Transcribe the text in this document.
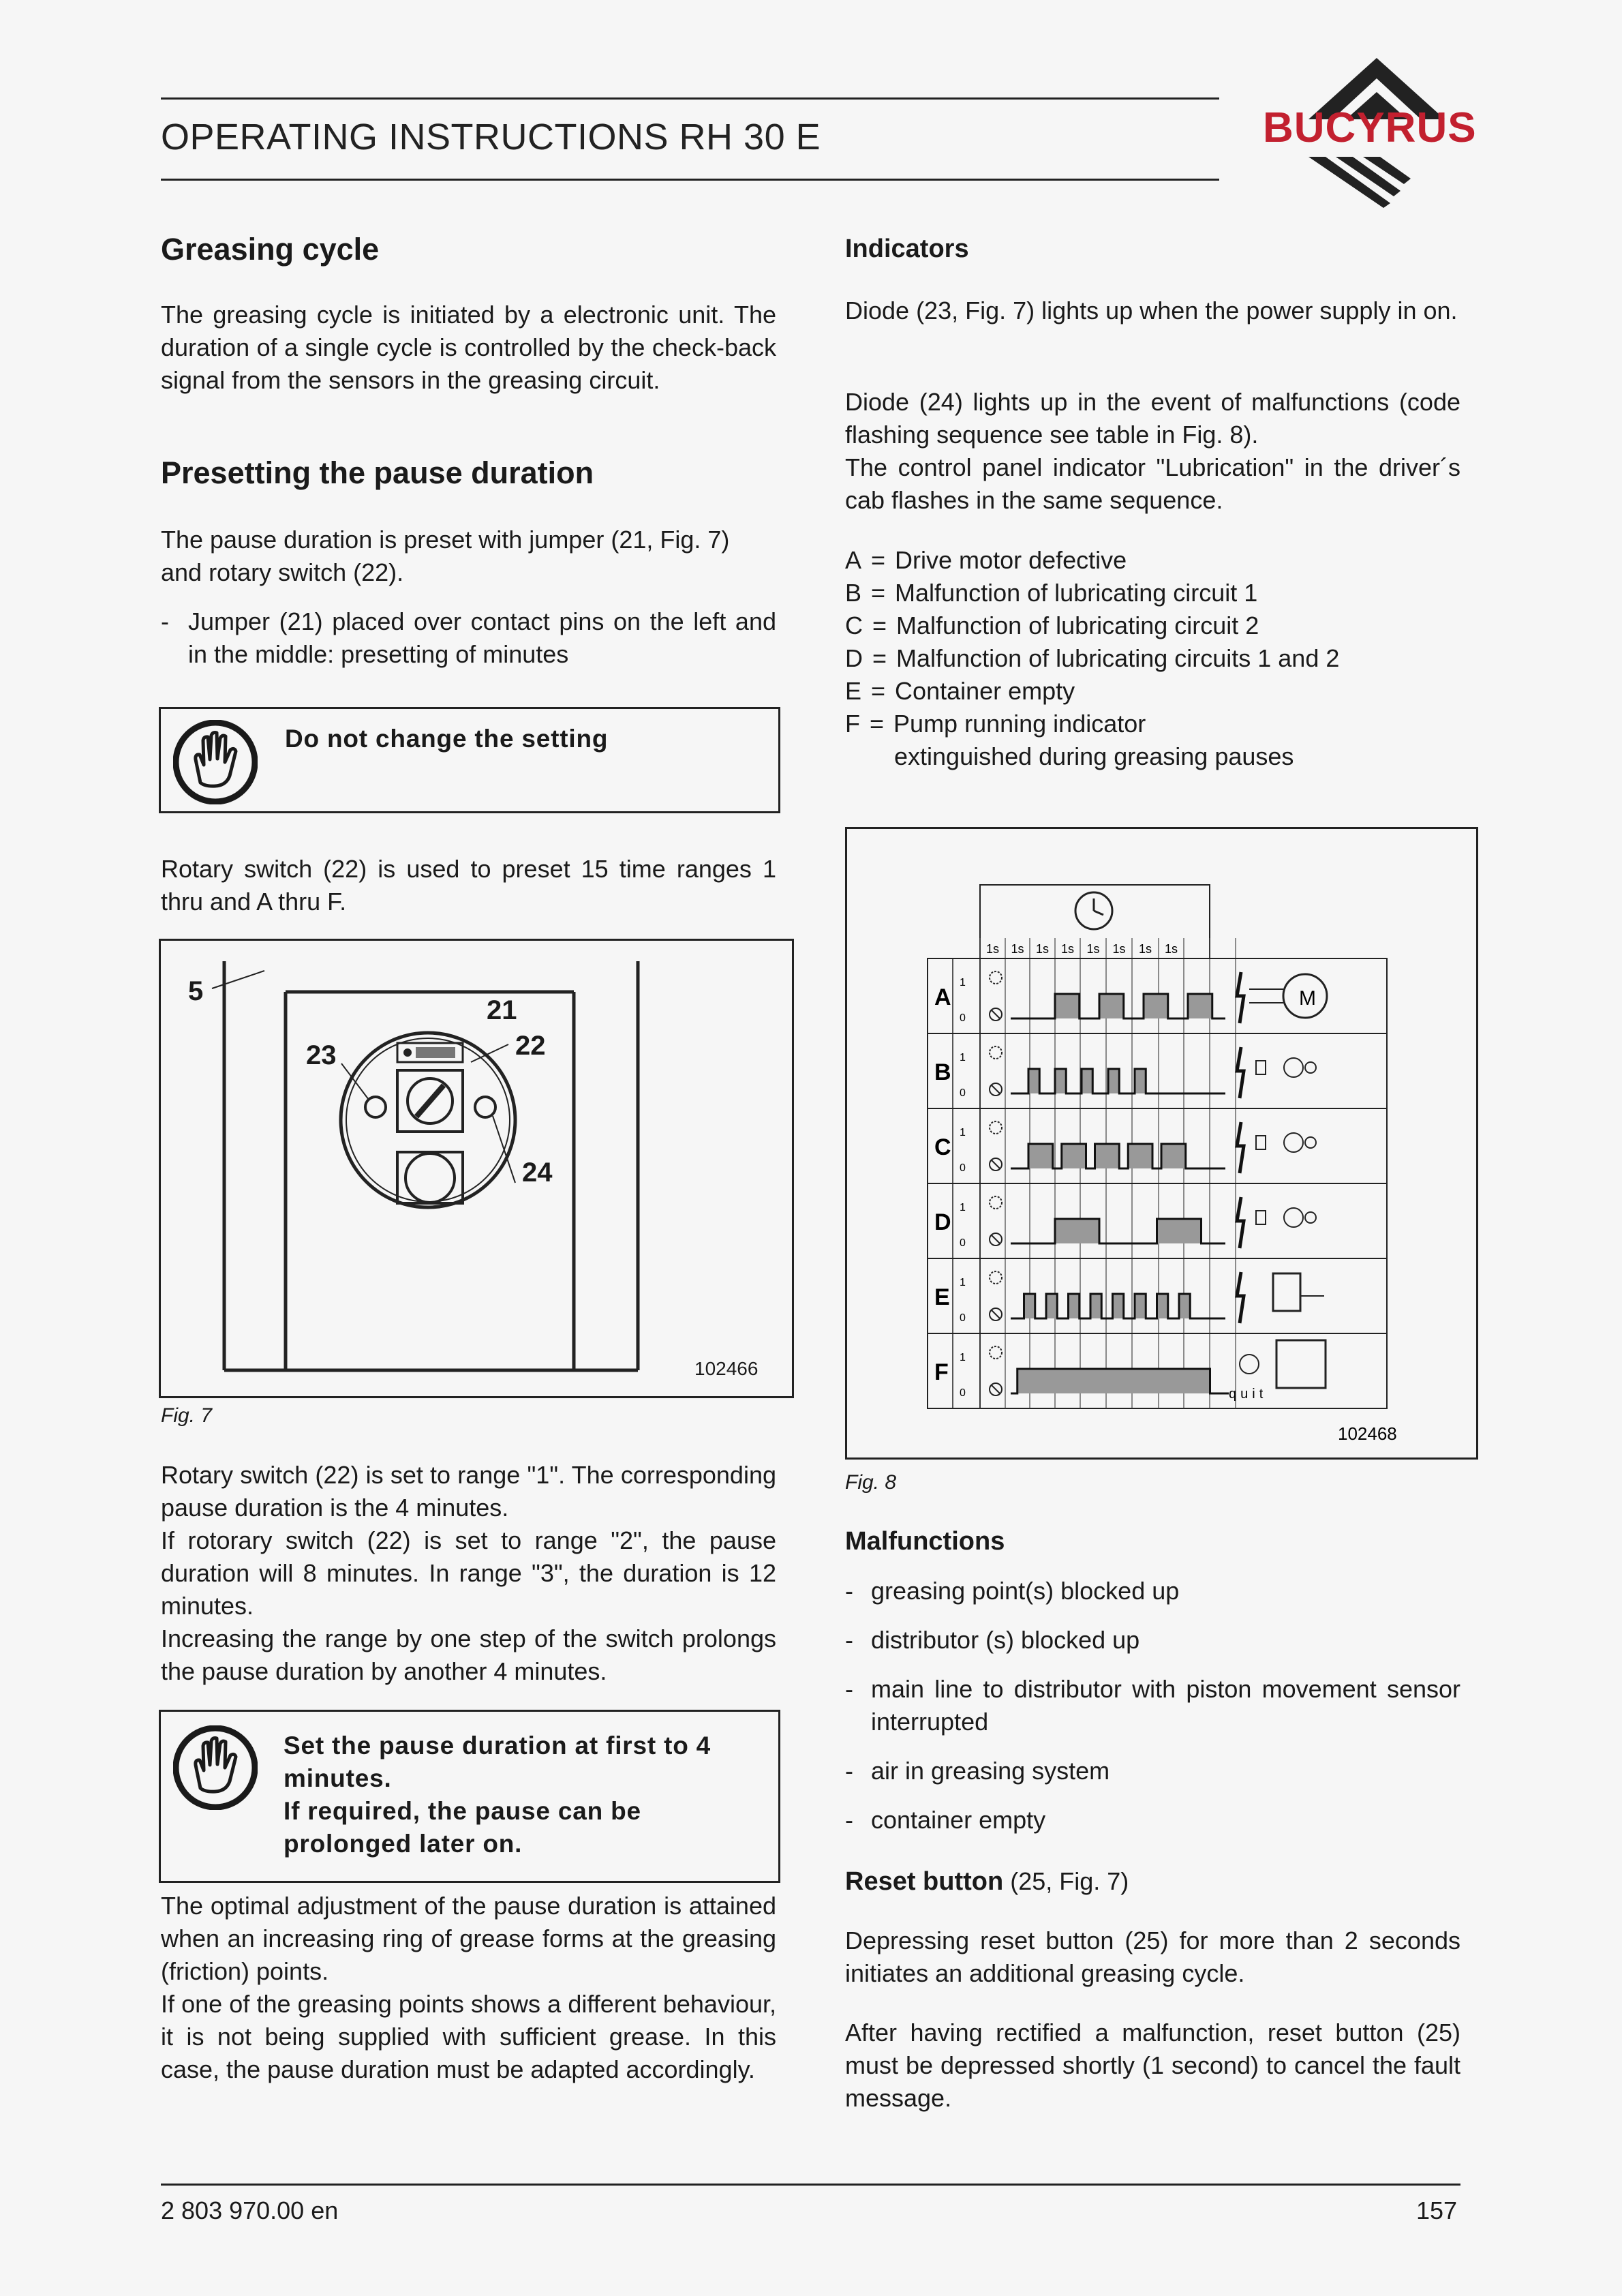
OPERATING INSTRUCTIONS RH 30 E	BUCYRUS
Greasing cycle
The greasing cycle is initiated by a electronic unit. The duration of a single cycle is controlled by the check-back signal from the sensors in the greasing circuit.
Presetting the pause duration
The pause duration is preset with jumper (21, Fig. 7) and rotary switch (22).
- Jumper (21) placed over contact pins on the left and in the middle: presetting of minutes
Do not change the setting
Rotary switch (22) is used to preset 15 time ranges 1 thru and A thru F.
5
21
22
23
24
102466
Fig. 7
Rotary switch (22) is set to range "1". The corresponding pause duration is the 4 minutes.
If rotorary switch (22) is set to range "2", the pause duration will 8 minutes. In range "3", the duration is 12 minutes.
Increasing the range by one step of the switch prolongs the pause duration by another 4 minutes.
Set the pause duration at first to 4 minutes.
If required, the pause can be prolonged later on.
The optimal adjustment of the pause duration is attained when an increasing ring of grease forms at the greasing (friction) points.
If one of the greasing points shows a different behaviour, it is not being supplied with sufficient grease. In this case, the pause duration must be adapted accordingly.
Indicators
Diode (23, Fig. 7) lights up when the power supply in on.
Diode (24) lights up in the event of malfunctions (code flashing sequence see table in Fig. 8).
The control panel indicator "Lubrication" in the driver´s cab flashes in the same sequence.
A = Drive motor defective
B = Malfunction of lubricating circuit 1
C = Malfunction of lubricating circuit 2
D = Malfunction of lubricating circuits 1 and 2
E = Container empty
F = Pump running indicator
extinguished during greasing pauses
1s 1s 1s 1s 1s 1s 1s 1s
A
1
0
B
1
0
C
1
0
D
1
0
E
1
0
F
1
0
M
quit
102468
Fig. 8
Malfunctions
- greasing point(s) blocked up
- distributor (s) blocked up
- main line to distributor with piston movement sensor interrupted
- air in greasing system
- container empty
Reset button (25, Fig. 7)
Depressing reset button (25) for more than 2 seconds initiates an additional greasing cycle.
After having rectified a malfunction, reset button (25) must be depressed shortly (1 second) to cancel the fault message.
2 803 970.00 en	157
